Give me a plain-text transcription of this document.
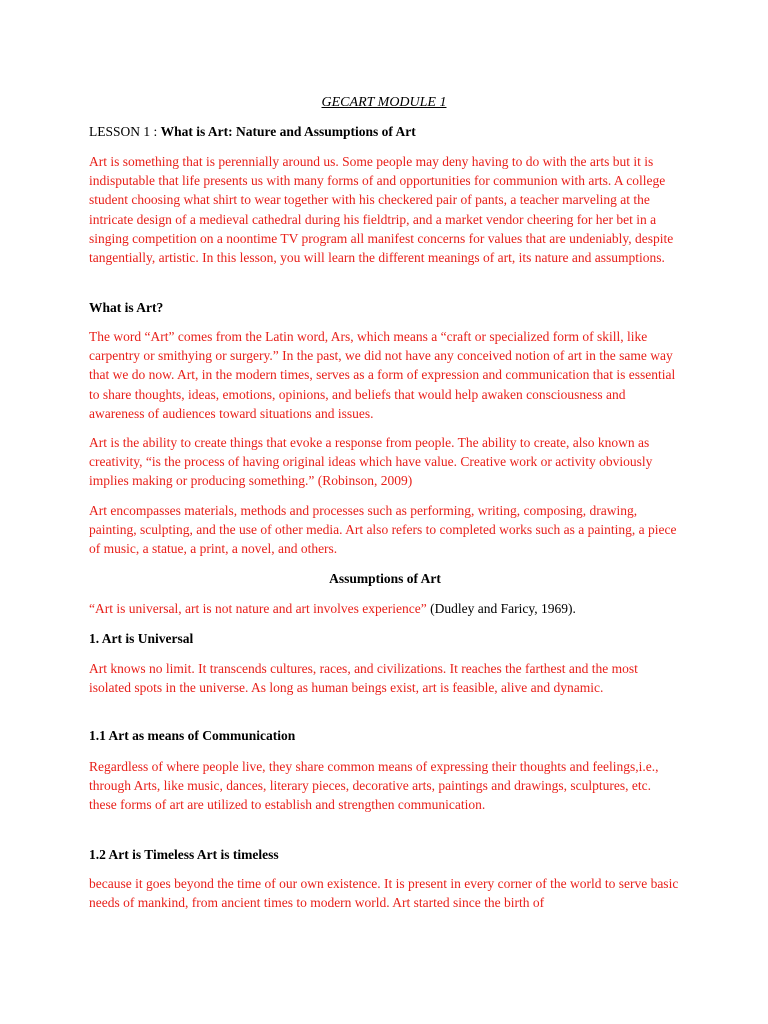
GECART MODULE 1
LESSON 1 : What is Art: Nature and Assumptions of Art

Art is something that is perennially around us. Some people may deny having to do with the arts but it is indisputable that life presents us with many forms of and opportunities for communion with arts. A college student choosing what shirt to wear together with his checkered pair of pants, a teacher marveling at the intricate design of a medieval cathedral during his fieldtrip, and a market vendor cheering for her bet in a singing competition on a noontime TV program all manifest concerns for values that are undeniably, despite tangentially, artistic. In this lesson, you will learn the different meanings of art, its nature and assumptions.

What is Art?

The word “Art” comes from the Latin word, Ars, which means a “craft or specialized form of skill, like carpentry or smithying or surgery.” In the past, we did not have any conceived notion of art in the same way that we do now. Art, in the modern times, serves as a form of expression and communication that is essential to share thoughts, ideas, emotions, opinions, and beliefs that would help awaken consciousness and awareness of audiences toward situations and issues.

Art is the ability to create things that evoke a response from people. The ability to create, also known as creativity, “is the process of having original ideas which have value. Creative work or activity obviously implies making or producing something.” (Robinson, 2009)

Art encompasses materials, methods and processes such as performing, writing, composing, drawing, painting, sculpting, and the use of other media. Art also refers to completed works such as a painting, a piece of music, a statue, a print, a novel, and others.

Assumptions of Art
“Art is universal, art is not nature and art involves experience” (Dudley and Faricy, 1969).
1. Art is Universal

Art knows no limit. It transcends cultures, races, and civilizations. It reaches the farthest and the most isolated spots in the universe. As long as human beings exist, art is feasible, alive and dynamic.

1.1 Art as means of Communication

Regardless of where people live, they share common means of expressing their thoughts and feelings,i.e., through Arts, like music, dances, literary pieces, decorative arts, paintings and drawings, sculptures, etc. these forms of art are utilized to establish and strengthen communication.

1.2 Art is Timeless Art is timeless

because it goes beyond the time of our own existence. It is present in every corner of the world to serve basic needs of mankind, from ancient times to modern world. Art started since the birth of
